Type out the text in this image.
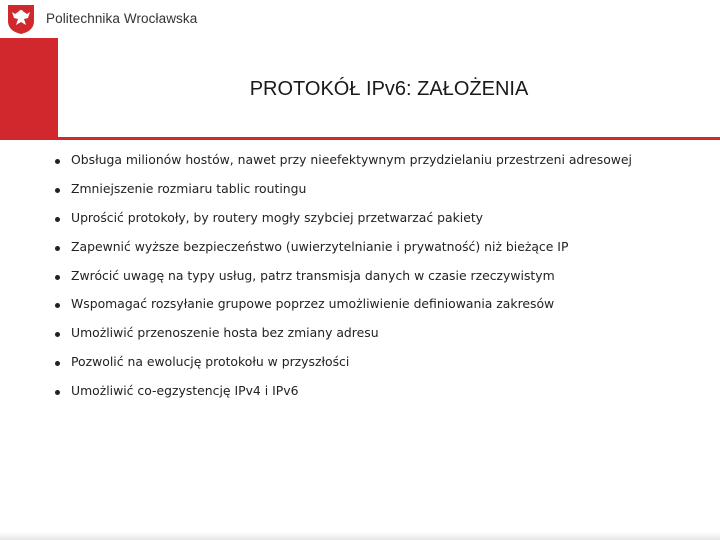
Politechnika Wrocławska
PROTOKÓŁ IPv6: ZAŁOŻENIA
Obsługa milionów hostów, nawet przy nieefektywnym przydzielaniu przestrzeni adresowej
Zmniejszenie rozmiaru tablic routingu
Uprościć protokoły, by routery mogły szybciej przetwarzać pakiety
Zapewnić wyższe bezpieczeństwo (uwierzytelnianie i prywatność) niż bieżące IP
Zwrócić uwagę na typy usług, patrz transmisja danych w czasie rzeczywistym
Wspomagać rozsyłanie grupowe poprzez umożliwienie definiowania zakresów
Umożliwić przenoszenie hosta bez zmiany adresu
Pozwolić na ewolucję protokołu w przyszłości
Umożliwić co-egzystencję IPv4 i IPv6
